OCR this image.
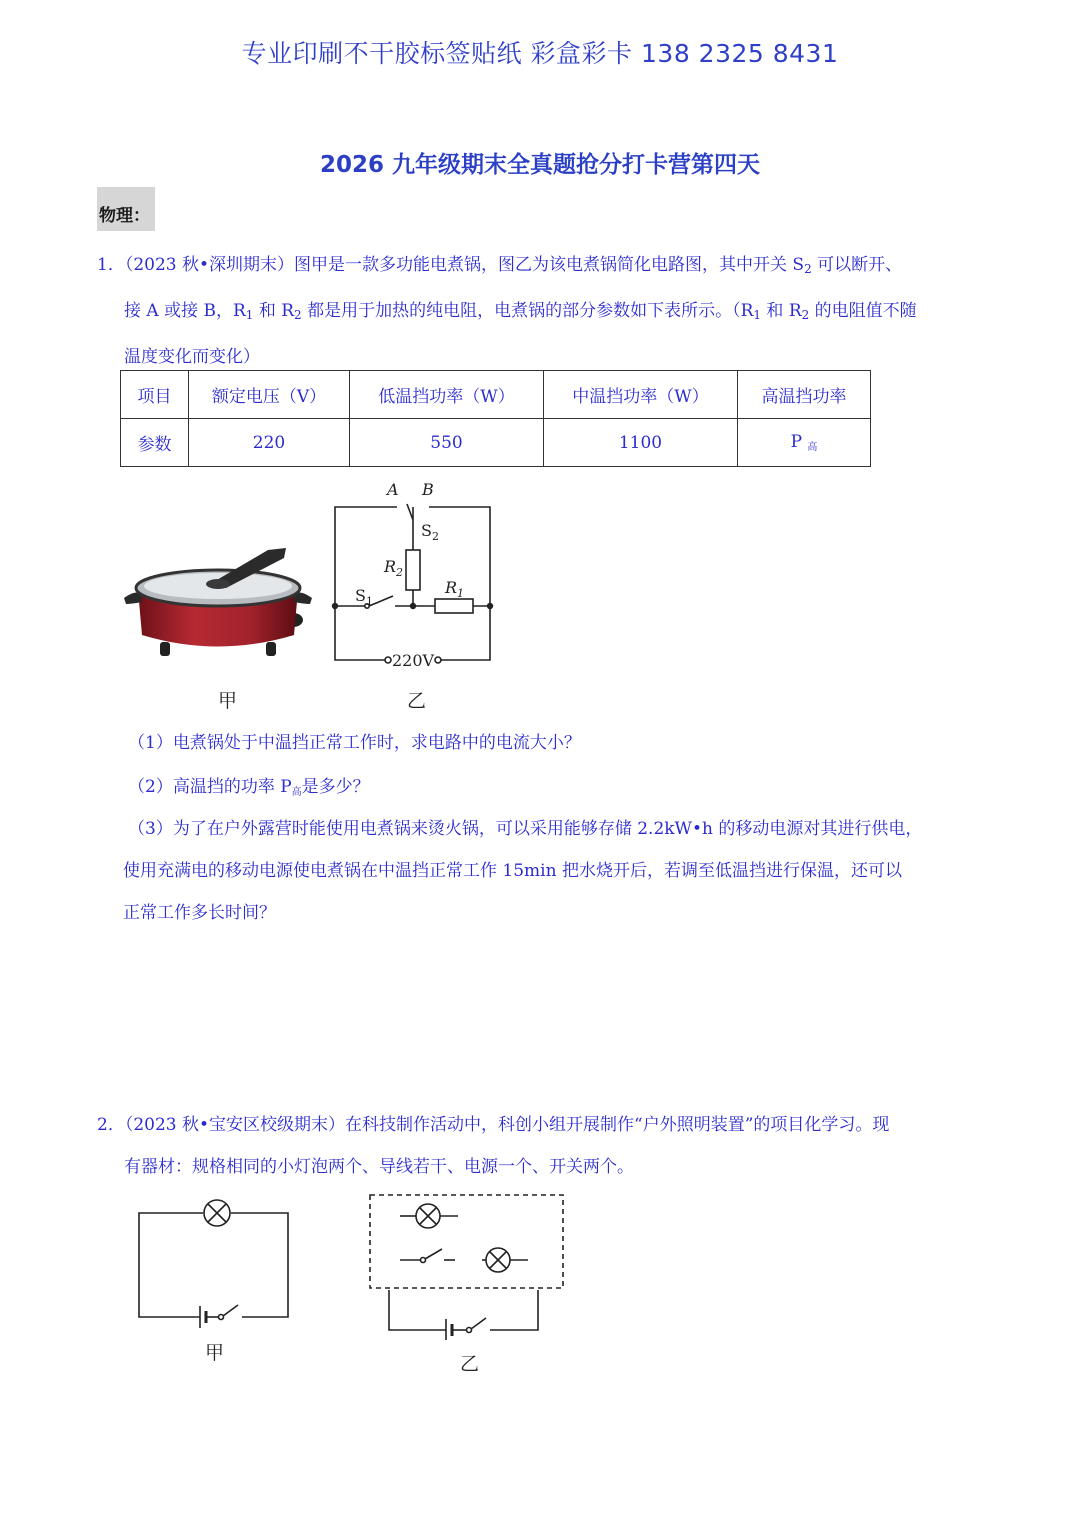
专业印刷不干胶标签贴纸 彩盒彩卡 138 2325 8431
2026 九年级期末全真题抢分打卡营第四天
物理：
1．（2023 秋•深圳期末）图甲是一款多功能电煮锅，图乙为该电煮锅简化电路图，其中开关 $S_2$ 可以断开、
接 A 或接 B，$R_1$ 和 $R_2$ 都是用于加热的纯电阻，电煮锅的部分参数如下表所示。（$R_1$ 和 $R_2$ 的电阻值不随
温度变化而变化）
项目	额定电压（V）	低温挡功率（W）	中温挡功率（W）	高温挡功率
参数	220	550	1100	P $_高$
甲
A B
$S_2$
$R_2$
$S_1$
$R_1$
220V
乙
（1）电煮锅处于中温挡正常工作时，求电路中的电流大小？
（2）高温挡的功率 $P_高$是多少？
（3）为了在户外露营时能使用电煮锅来烫火锅，可以采用能够存储 2.2kW•h 的移动电源对其进行供电，
使用充满电的移动电源使电煮锅在中温挡正常工作 15min 把水烧开后，若调至低温挡进行保温，还可以
正常工作多长时间？
2．（2023 秋•宝安区校级期末）在科技制作活动中，科创小组开展制作“户外照明装置”的项目化学习。现
有器材：规格相同的小灯泡两个、导线若干、电源一个、开关两个。
甲	乙
